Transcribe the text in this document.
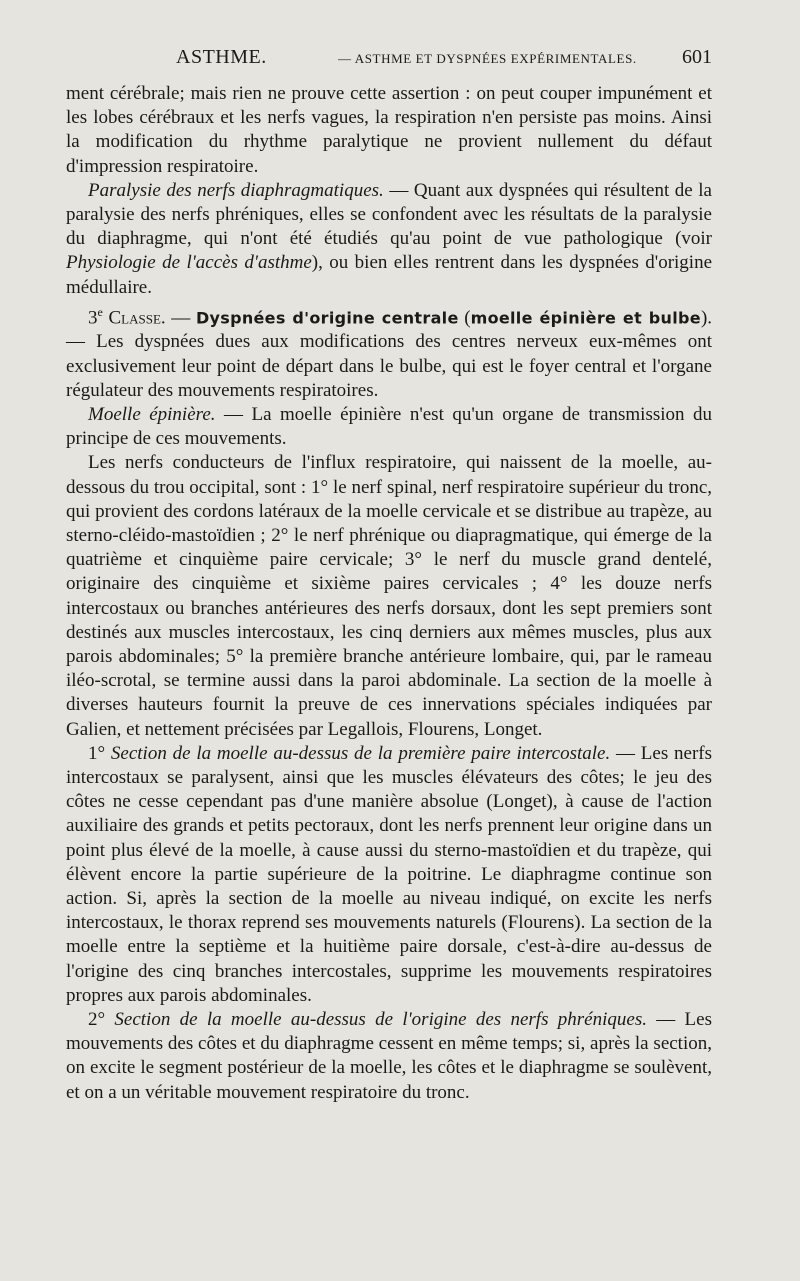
ASTHME.	— ASTHME ET DYSPNÉES EXPÉRIMENTALES. 601

ment cérébrale; mais rien ne prouve cette assertion : on peut couper impunément et les lobes cérébraux et les nerfs vagues, la respiration n'en persiste pas moins. Ainsi la modification du rhythme paralytique ne provient nullement du défaut d'impression respiratoire.

Paralysie des nerfs diaphragmatiques. — Quant aux dyspnées qui résultent de la paralysie des nerfs phréniques, elles se confondent avec les résultats de la paralysie du diaphragme, qui n'ont été étudiés qu'au point de vue pathologique (voir Physiologie de l'accès d'asthme), ou bien elles rentrent dans les dyspnées d'origine médullaire.

3e Classe. — Dyspnées d'origine centrale (moelle épinière et bulbe). — Les dyspnées dues aux modifications des centres nerveux eux-mêmes ont exclusivement leur point de départ dans le bulbe, qui est le foyer central et l'organe régulateur des mouvements respiratoires.

Moelle épinière. — La moelle épinière n'est qu'un organe de transmission du principe de ces mouvements.

Les nerfs conducteurs de l'influx respiratoire, qui naissent de la moelle, au-dessous du trou occipital, sont : 1° le nerf spinal, nerf respiratoire supérieur du tronc, qui provient des cordons latéraux de la moelle cervicale et se distribue au trapèze, au sterno-cléido-mastoïdien ; 2° le nerf phrénique ou diapragmatique, qui émerge de la quatrième et cinquième paire cervicale; 3° le nerf du muscle grand dentelé, originaire des cinquième et sixième paires cervicales ; 4° les douze nerfs intercostaux ou branches antérieures des nerfs dorsaux, dont les sept premiers sont destinés aux muscles intercostaux, les cinq derniers aux mêmes muscles, plus aux parois abdominales; 5° la première branche antérieure lombaire, qui, par le rameau iléo-scrotal, se termine aussi dans la paroi abdominale. La section de la moelle à diverses hauteurs fournit la preuve de ces innervations spéciales indiquées par Galien, et nettement précisées par Legallois, Flourens, Longet.

1° Section de la moelle au-dessus de la première paire intercostale. — Les nerfs intercostaux se paralysent, ainsi que les muscles élévateurs des côtes; le jeu des côtes ne cesse cependant pas d'une manière absolue (Longet), à cause de l'action auxiliaire des grands et petits pectoraux, dont les nerfs prennent leur origine dans un point plus élevé de la moelle, à cause aussi du sterno-mastoïdien et du trapèze, qui élèvent encore la partie supérieure de la poitrine. Le diaphragme continue son action. Si, après la section de la moelle au niveau indiqué, on excite les nerfs intercostaux, le thorax reprend ses mouvements naturels (Flourens). La section de la moelle entre la septième et la huitième paire dorsale, c'est-à-dire au-dessus de l'origine des cinq branches intercostales, supprime les mouvements respiratoires propres aux parois abdominales.

2° Section de la moelle au-dessus de l'origine des nerfs phréniques. — Les mouvements des côtes et du diaphragme cessent en même temps; si, après la section, on excite le segment postérieur de la moelle, les côtes et le diaphragme se soulèvent, et on a un véritable mouvement respiratoire du tronc.
